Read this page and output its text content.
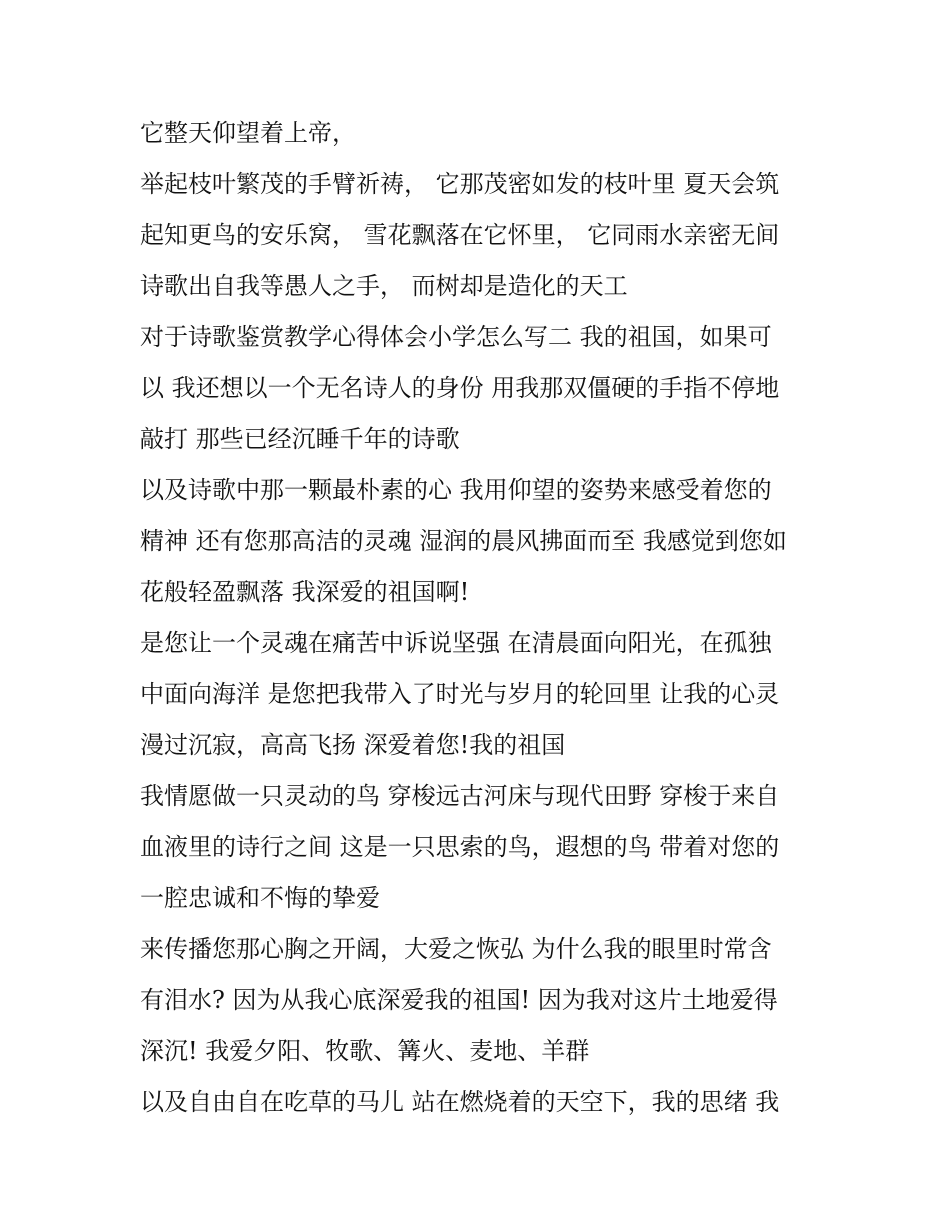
它整天仰望着上帝，
举起枝叶繁茂的手臂祈祷， 它那茂密如发的枝叶里 夏天会筑
起知更鸟的安乐窝， 雪花飘落在它怀里， 它同雨水亲密无间
诗歌出自我等愚人之手， 而树却是造化的天工
对于诗歌鉴赏教学心得体会小学怎么写二 我的祖国，如果可
以 我还想以一个无名诗人的身份 用我那双僵硬的手指不停地
敲打 那些已经沉睡千年的诗歌
以及诗歌中那一颗最朴素的心 我用仰望的姿势来感受着您的
精神 还有您那高洁的灵魂 湿润的晨风拂面而至 我感觉到您如
花般轻盈飘落 我深爱的祖国啊!
是您让一个灵魂在痛苦中诉说坚强 在清晨面向阳光，在孤独
中面向海洋 是您把我带入了时光与岁月的轮回里 让我的心灵
漫过沉寂，高高飞扬 深爱着您!我的祖国
我情愿做一只灵动的鸟 穿梭远古河床与现代田野 穿梭于来自
血液里的诗行之间 这是一只思索的鸟，遐想的鸟 带着对您的
一腔忠诚和不悔的挚爱
来传播您那心胸之开阔，大爱之恢弘 为什么我的眼里时常含
有泪水? 因为从我心底深爱我的祖国! 因为我对这片土地爱得
深沉! 我爱夕阳、牧歌、篝火、麦地、羊群
以及自由自在吃草的马儿 站在燃烧着的天空下，我的思绪 我
